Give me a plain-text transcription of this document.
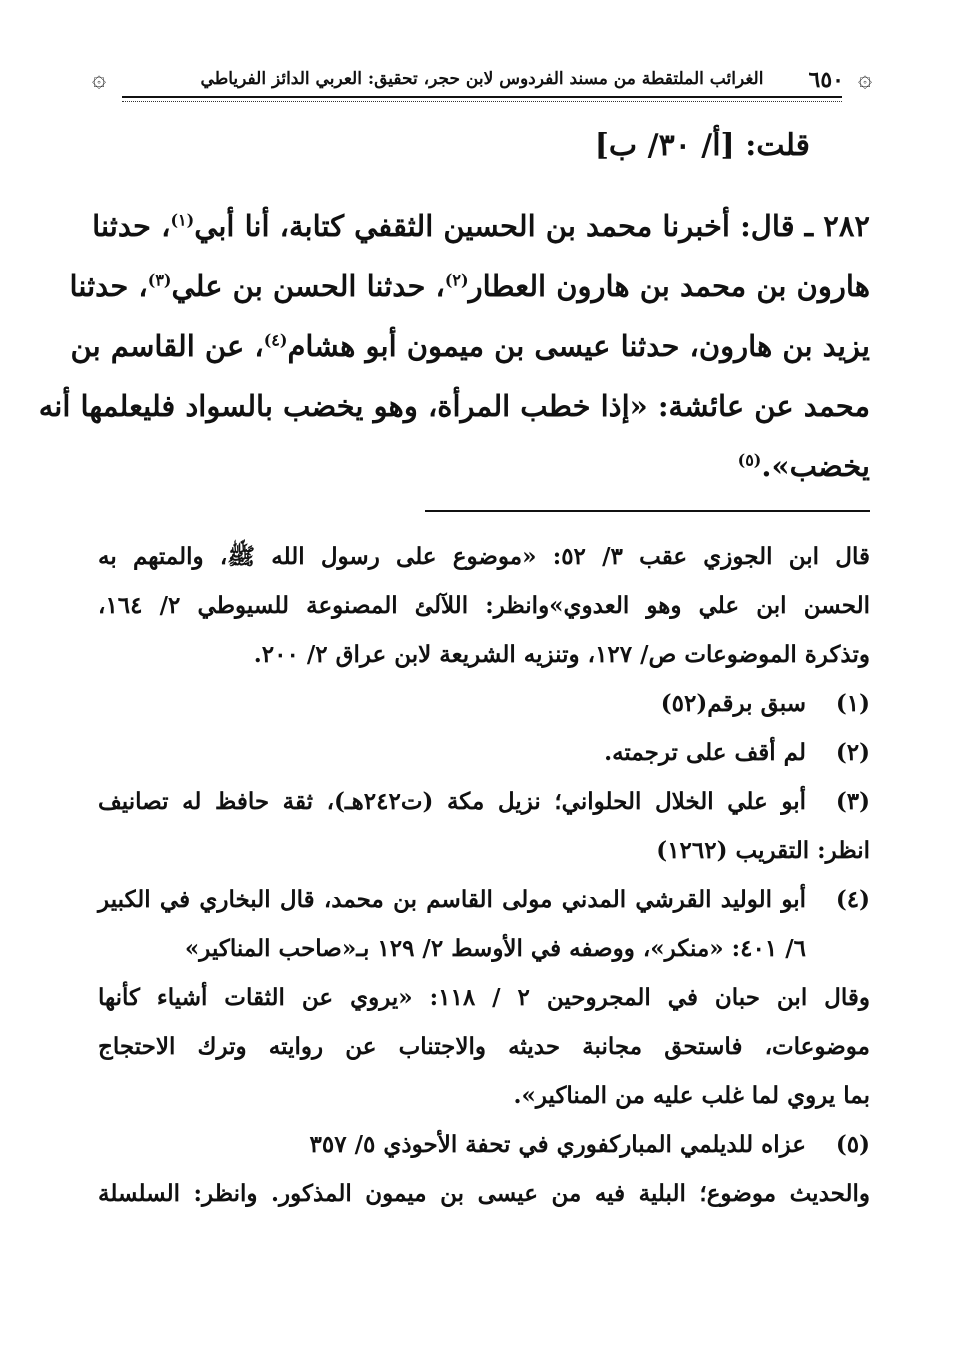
۞
٦٥٠
الغرائب الملتقطة من مسند الفردوس لابن حجر، تحقيق: العربي الدائز الفرياطي
۞
قلت: [أ/ ٣٠/ ب]
٢٨٢ ـ قال: أخبرنا محمد بن الحسين الثقفي كتابة، أنا أبي$^{(١)}$، حدثنا
هارون بن محمد بن هارون العطار$^{(٢)}$، حدثنا الحسن بن علي$^{(٣)}$، حدثنا
يزيد بن هارون، حدثنا عيسى بن ميمون أبو هشام$^{(٤)}$، عن القاسم بن
محمد عن عائشة: «إذا خطب المرأة، وهو يخضب بالسواد فليعلمها أنه
يخضب».$^{(٥)}$
قال ابن الجوزي عقب ٣/ ٥٢: «موضوع على رسول الله ﷺ، والمتهم به
الحسن ابن علي وهو العدوي»وانظر: اللآلئ المصنوعة للسيوطي ٢/ ١٦٤،
وتذكرة الموضوعات ص/ ١٢٧، وتنزيه الشريعة لابن عراق ٢/ ٢٠٠.
(١)
سبق برقم(٥٢)
(٢)
لم أقف على ترجمته.
(٣)
أبو علي الخلال الحلواني؛ نزيل مكة (ت٢٤٢هـ)، ثقة حافظ له تصانيف
انظر: التقريب (١٢٦٢)
(٤)
أبو الوليد القرشي المدني مولى القاسم بن محمد، قال البخاري في الكبير
٦/ ٤٠١: «منكر»، ووصفه في الأوسط ٢/ ١٢٩ بـ«صاحب المناكير»
وقال ابن حبان في المجروحين ٢ / ١١٨: «يروي عن الثقات أشياء كأنها
موضوعات، فاستحق مجانبة حديثه والاجتناب عن روايته وترك الاحتجاج
بما يروي لما غلب عليه من المناكير».
(٥)
عزاه للديلمي المباركفوري في تحفة الأحوذي ٥/ ٣٥٧
والحديث موضوع؛ البلية فيه من عيسى بن ميمون المذكور. وانظر: السلسلة
